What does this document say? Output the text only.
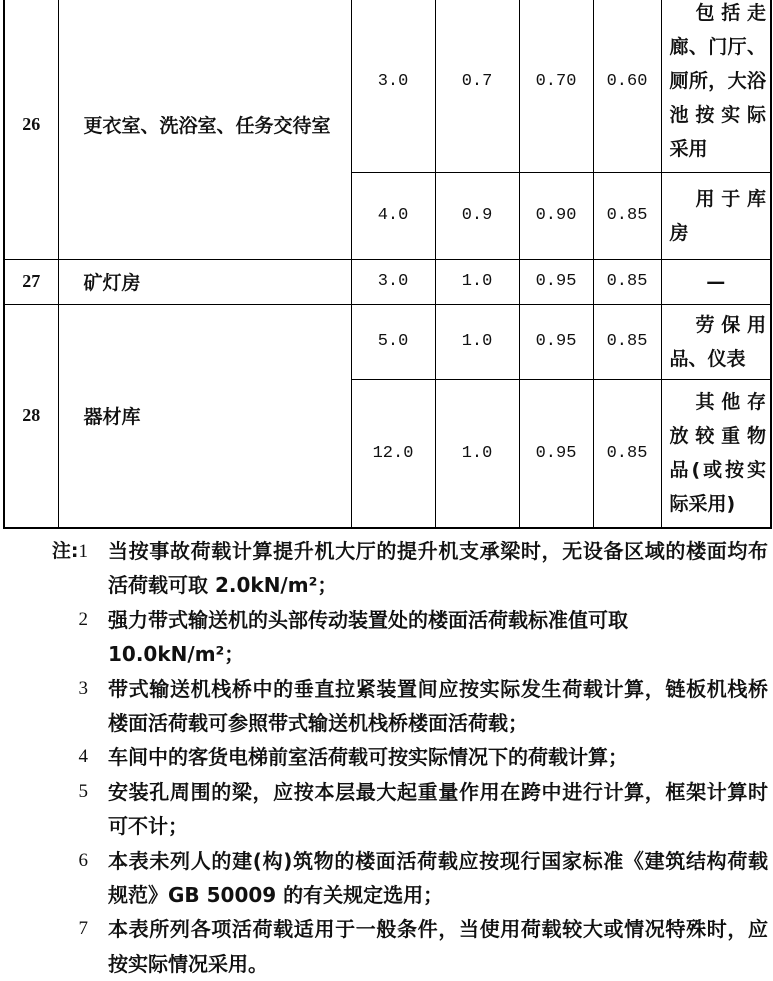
26	更衣室、洗浴室、任务交待室	3.0	0.7	0.70	0.60	包括走
廊、门厅、
厕所，大浴
池按实际
采用

		4.0	0.9	0.90	0.85	用于库
房

27	矿灯房	3.0	1.0	0.95	0.85	—

28	器材库	5.0	1.0	0.95	0.85	劳保用
品、仪表

		12.0	1.0	0.95	0.85	其他存
放较重物
品(或按实
际采用)
注:1	当按事故荷载计算提升机大厅的提升机支承梁时，无设备区域的楼面均布
活荷载可取 2.0kN/m²；
2	强力带式输送机的头部传动装置处的楼面活荷载标准值可取 10.0kN/m²；
3	带式输送机栈桥中的垂直拉紧装置间应按实际发生荷载计算，链板机栈桥
楼面活荷载可参照带式输送机栈桥楼面活荷载；
4	车间中的客货电梯前室活荷载可按实际情况下的荷载计算；
5	安装孔周围的梁，应按本层最大起重量作用在跨中进行计算，框架计算时
可不计；
6	本表未列人的建(构)筑物的楼面活荷载应按现行国家标准《建筑结构荷载
规范》GB 50009 的有关规定选用；
7	本表所列各项活荷载适用于一般条件，当使用荷载较大或情况特殊时，应
按实际情况采用。
